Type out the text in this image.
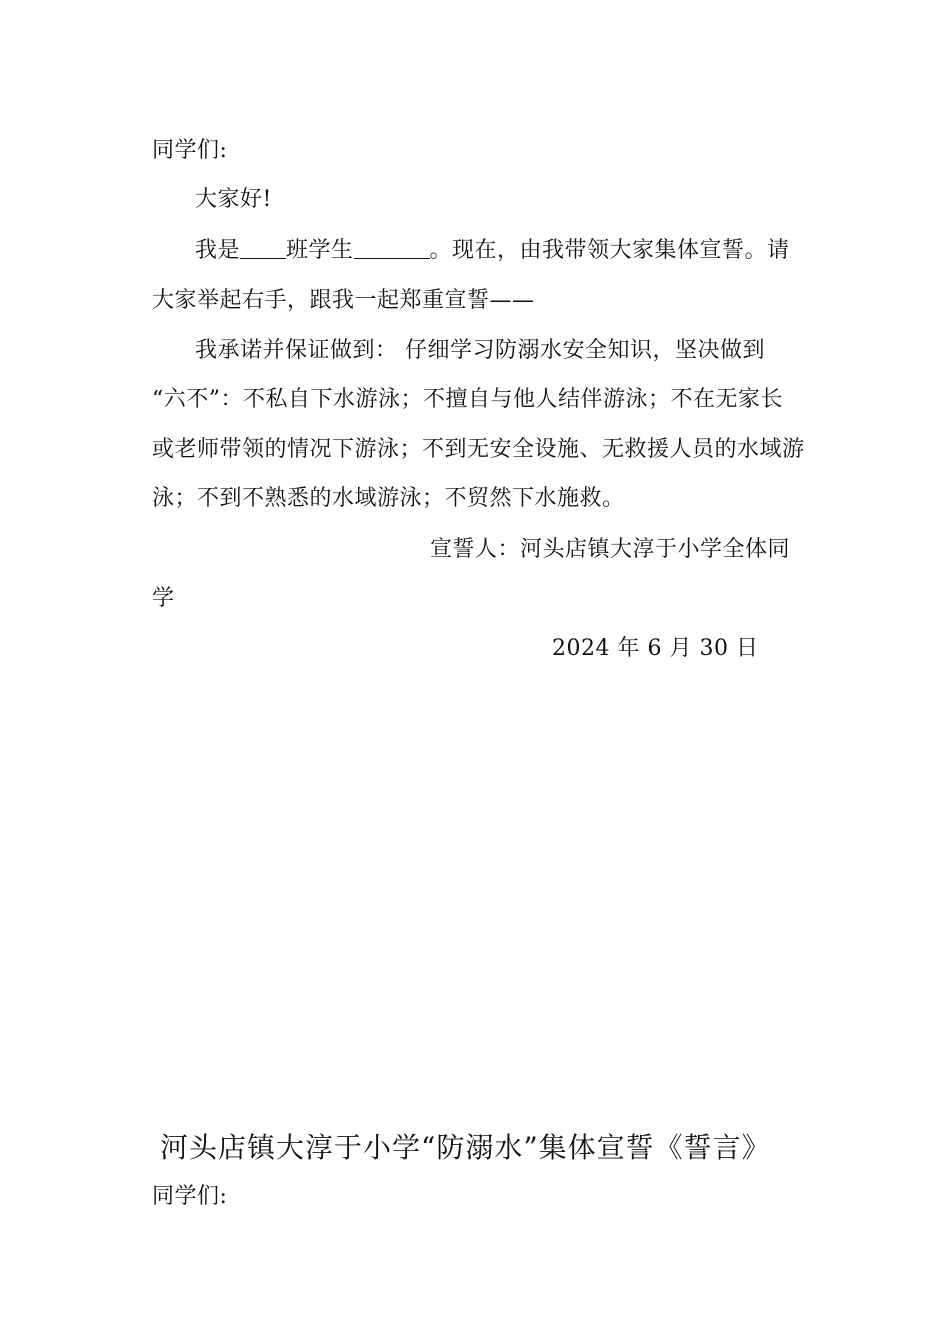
同学们:
大家好!
我是 班学生	。现在，由我带领大家集体宣誓。请
大家举起右手，跟我一起郑重宣誓——
我承诺并保证做到： 仔细学习防溺水安全知识，坚决做到
“六不”：不私自下水游泳；不擅自与他人结伴游泳；不在无家长
或老师带领的情况下游泳；不到无安全设施、无救援人员的水域游
泳；不到不熟悉的水域游泳；不贸然下水施救。
宣誓人：河头店镇大淳于小学全体同
学
2024 年 6 月 30 日
河头店镇大淳于小学“防溺水”集体宣誓《誓言》
同学们:
